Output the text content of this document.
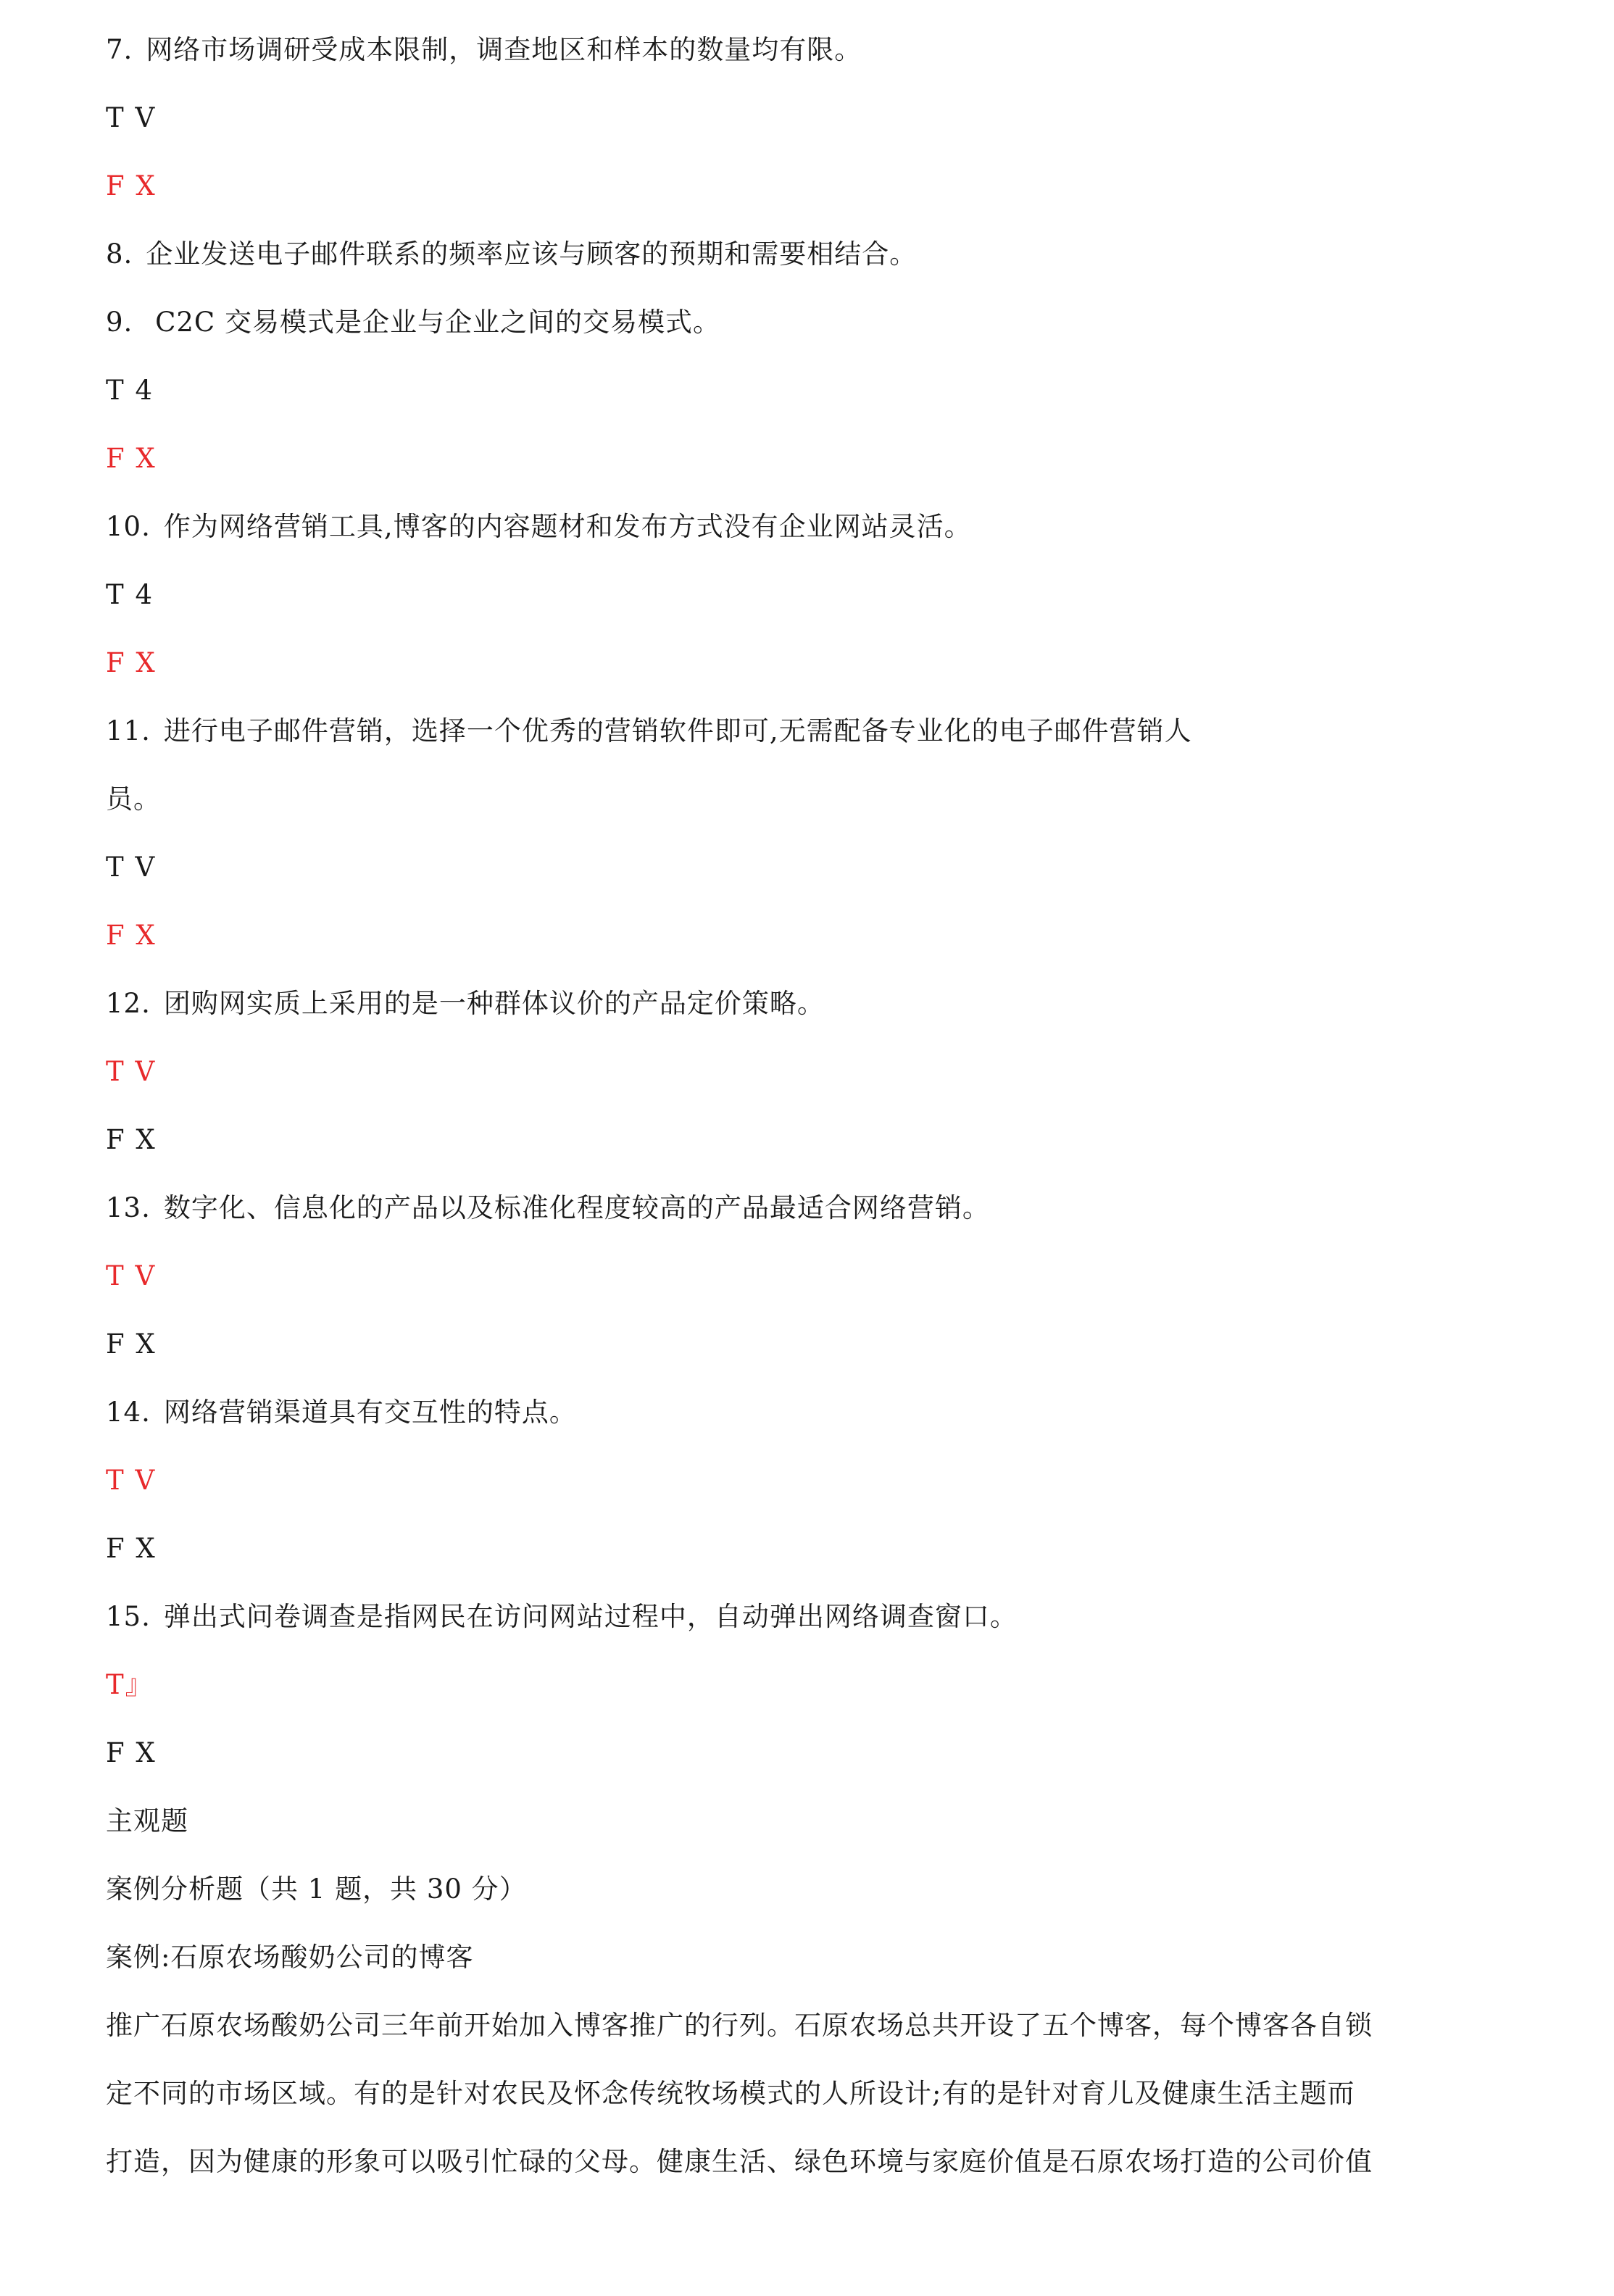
7. 网络市场调研受成本限制，调查地区和样本的数量均有限。

T V

F X

8. 企业发送电子邮件联系的频率应该与顾客的预期和需要相结合。

9. C2C 交易模式是企业与企业之间的交易模式。

T 4

F X

10. 作为网络营销工具,博客的内容题材和发布方式没有企业网站灵活。

T 4

F X

11. 进行电子邮件营销，选择一个优秀的营销软件即可,无需配备专业化的电子邮件营销人

员。

T V

F X

12. 团购网实质上采用的是一种群体议价的产品定价策略。

T V

F X

13. 数字化、信息化的产品以及标准化程度较高的产品最适合网络营销。

T V

F X

14. 网络营销渠道具有交互性的特点。

T V

F X

15. 弹出式问卷调查是指网民在访问网站过程中，自动弹出网络调查窗口。

T』

F X

主观题

案例分析题（共 1 题，共 30 分）

案例:石原农场酸奶公司的博客

推广石原农场酸奶公司三年前开始加入博客推广的行列。石原农场总共开设了五个博客，每个博客各自锁

定不同的市场区域。有的是针对农民及怀念传统牧场模式的人所设计;有的是针对育儿及健康生活主题而

打造，因为健康的形象可以吸引忙碌的父母。健康生活、绿色环境与家庭价值是石原农场打造的公司价值
